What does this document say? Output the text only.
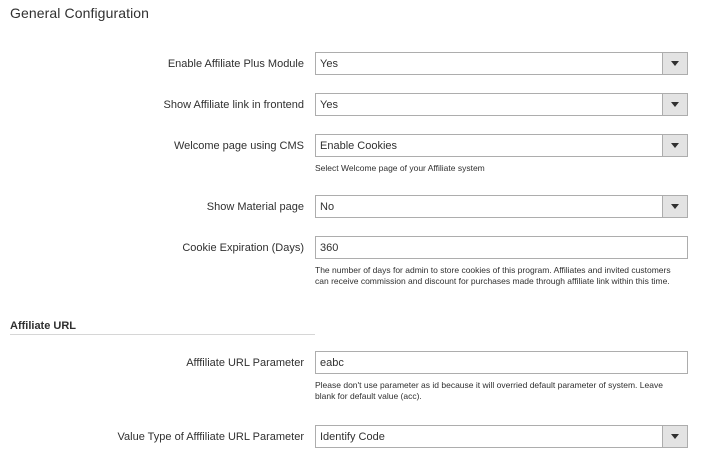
General Configuration
Enable Affiliate Plus Module Yes
Show Affiliate link in frontend Yes
Welcome page using CMS Enable Cookies
Select Welcome page of your Affiliate system
Show Material page No
Cookie Expiration (Days) 360
The number of days for admin to store cookies of this program. Affiliates and invited customers can receive commission and discount for purchases made through affiliate link within this time.
Affiliate URL
Afffiliate URL Parameter eabc
Please don't use parameter as id because it will overried default parameter of system. Leave blank for default value (acc).
Value Type of Afffiliate URL Parameter Identify Code
